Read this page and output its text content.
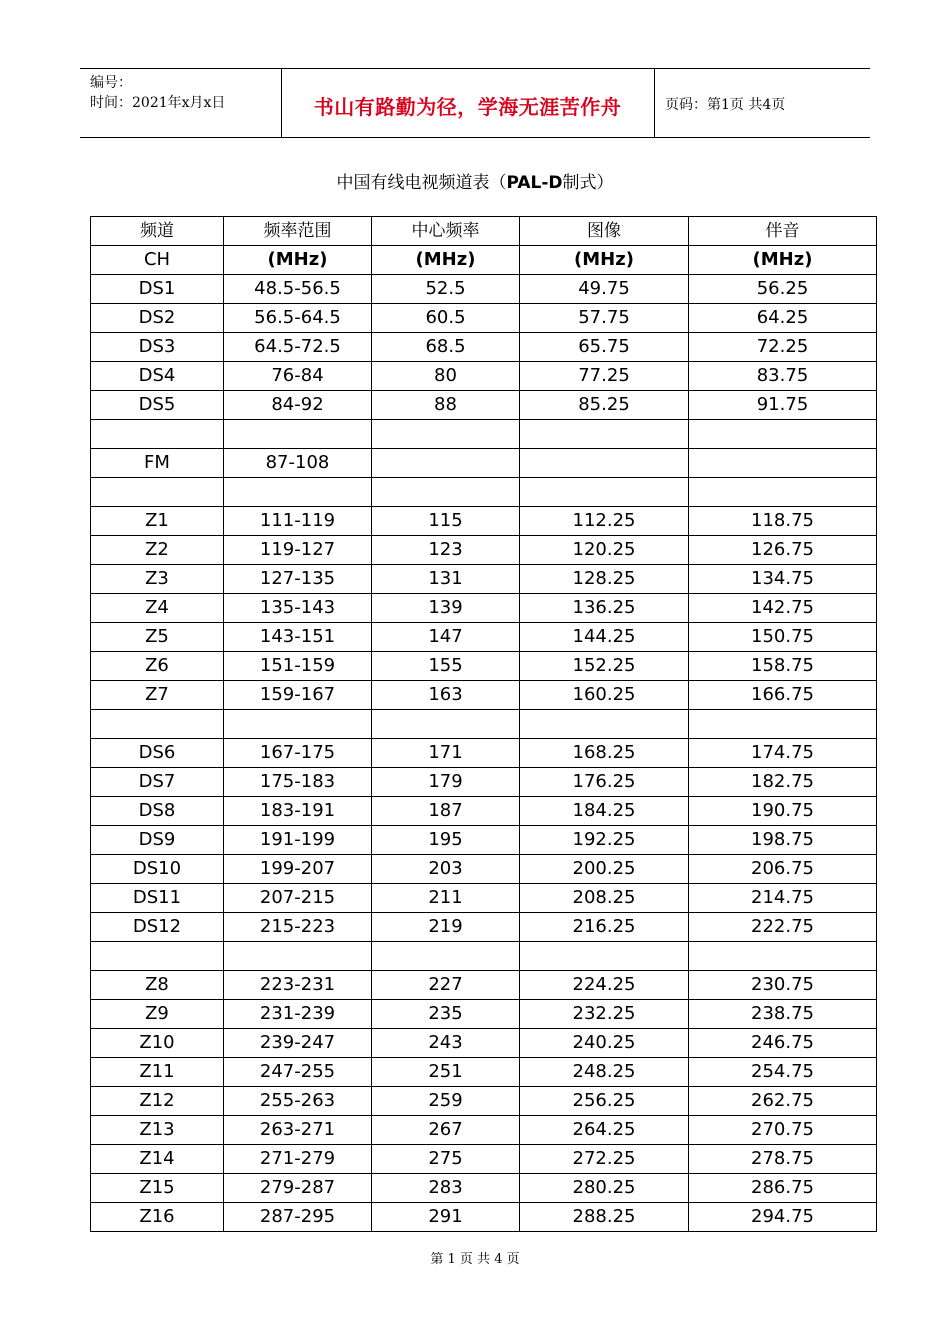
编号：
时间：2021年x月x日	书山有路勤为径，学海无涯苦作舟	页码：第1页 共4页
中国有线电视频道表（PAL-D制式）
频道	频率范围	中心频率	图像	伴音
CH	(MHz)	(MHz)	(MHz)	(MHz)
DS1	48.5-56.5	52.5	49.75	56.25
DS2	56.5-64.5	60.5	57.75	64.25
DS3	64.5-72.5	68.5	65.75	72.25
DS4	76-84	80	77.25	83.75
DS5	84-92	88	85.25	91.75

FM	87-108			

Z1	111-119	115	112.25	118.75
Z2	119-127	123	120.25	126.75
Z3	127-135	131	128.25	134.75
Z4	135-143	139	136.25	142.75
Z5	143-151	147	144.25	150.75
Z6	151-159	155	152.25	158.75
Z7	159-167	163	160.25	166.75

DS6	167-175	171	168.25	174.75
DS7	175-183	179	176.25	182.75
DS8	183-191	187	184.25	190.75
DS9	191-199	195	192.25	198.75
DS10	199-207	203	200.25	206.75
DS11	207-215	211	208.25	214.75
DS12	215-223	219	216.25	222.75

Z8	223-231	227	224.25	230.75
Z9	231-239	235	232.25	238.75
Z10	239-247	243	240.25	246.75
Z11	247-255	251	248.25	254.75
Z12	255-263	259	256.25	262.75
Z13	263-271	267	264.25	270.75
Z14	271-279	275	272.25	278.75
Z15	279-287	283	280.25	286.75
Z16	287-295	291	288.25	294.75
第 1 页 共 4 页
